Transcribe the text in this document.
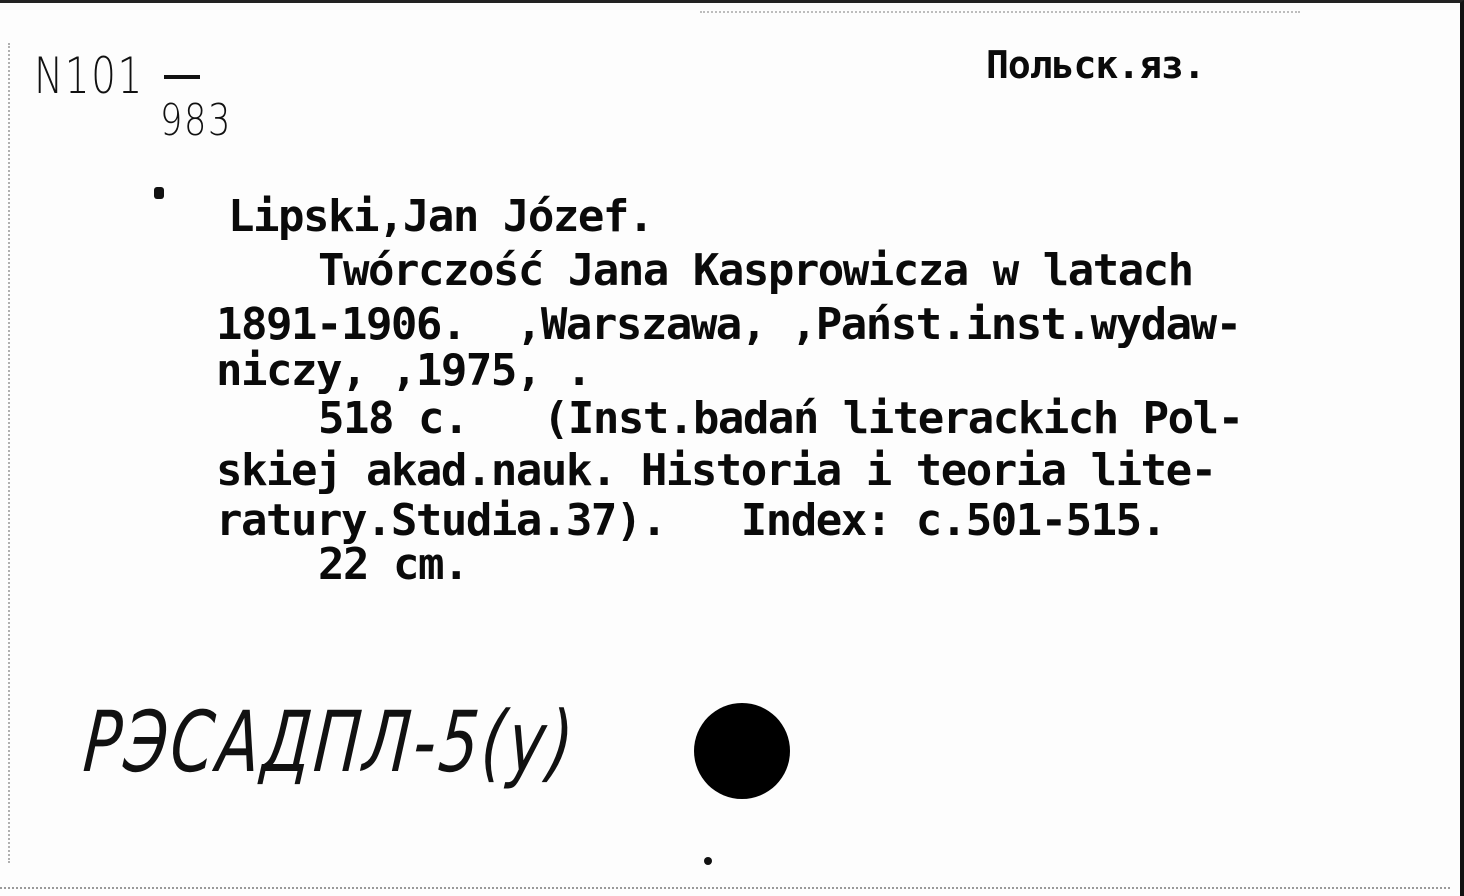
N101
983
Польск.яз.
Lipski,Jan Józef.
Twórczość Jana Kasprowicza w latach
1891-1906.  ,Warszawa, ,Państ.inst.wydaw-
niczy, ,1975, .
518 c.   (Inst.badań literackich Pol-
skiej akad.nauk. Historia i teoria lite-
ratury.Studia.37).   Index: c.501-515.
22 cm.
РЭСАДПЛ-5(у)
